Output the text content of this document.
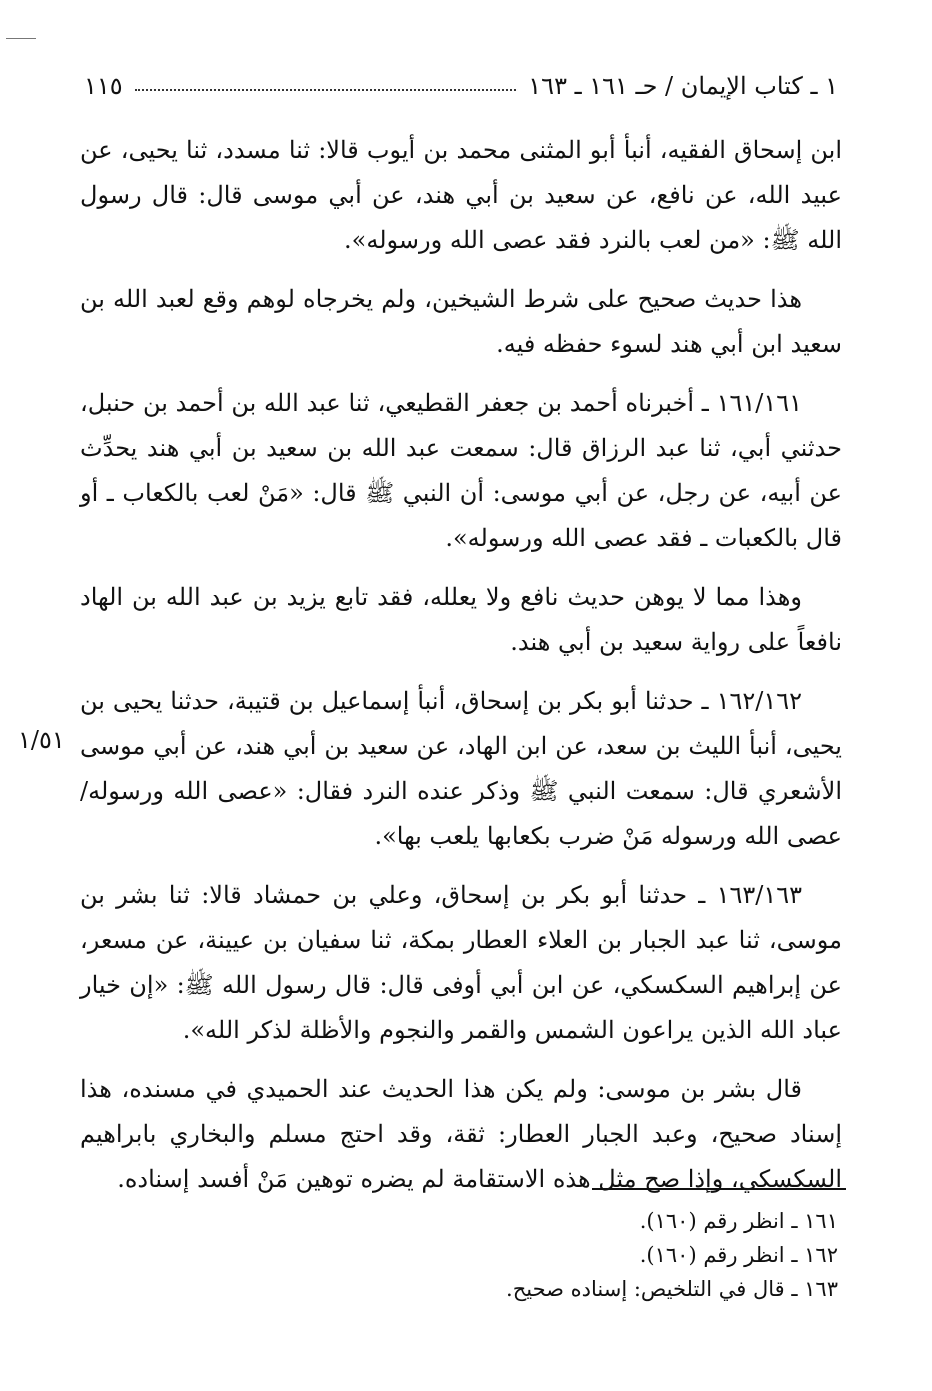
١ ـ كتاب الإيمان / حـ ١٦١ ـ ١٦٣
١١٥

ابن إسحاق الفقيه، أنبأ أبو المثنى محمد بن أيوب قالا: ثنا مسدد، ثنا يحيى، عن عبيد الله، عن نافع، عن سعيد بن أبي هند، عن أبي موسى قال: قال رسول الله ﷺ: «من لعب بالنرد فقد عصى الله ورسوله».

هذا حديث صحيح على شرط الشيخين، ولم يخرجاه لوهم وقع لعبد الله بن سعيد ابن أبي هند لسوء حفظه فيه.

١٦١/١٦١ ـ أخبرناه أحمد بن جعفر القطيعي، ثنا عبد الله بن أحمد بن حنبل، حدثني أبي، ثنا عبد الرزاق قال: سمعت عبد الله بن سعيد بن أبي هند يحدِّث عن أبيه، عن رجل، عن أبي موسى: أن النبي ﷺ قال: «مَنْ لعب بالكعاب ـ أو قال بالكعبات ـ فقد عصى الله ورسوله».

وهذا مما لا يوهن حديث نافع ولا يعلله، فقد تابع يزيد بن عبد الله بن الهاد نافعاً على رواية سعيد بن أبي هند.

١٦٢/١٦٢ ـ حدثنا أبو بكر بن إسحاق، أنبأ إسماعيل بن قتيبة، حدثنا يحيى بن يحيى، أنبأ الليث بن سعد، عن ابن الهاد، عن سعيد بن أبي هند، عن أبي موسى الأشعري قال: سمعت النبي ﷺ وذكر عنده النرد فقال: «عصى الله ورسوله/ عصى الله ورسوله مَنْ ضرب بكعابها يلعب بها».

١٦٣/١٦٣ ـ حدثنا أبو بكر بن إسحاق، وعلي بن حمشاد قالا: ثنا بشر بن موسى، ثنا عبد الجبار بن العلاء العطار بمكة، ثنا سفيان بن عيينة، عن مسعر، عن إبراهيم السكسكي، عن ابن أبي أوفى قال: قال رسول الله ﷺ: «إن خيار عباد الله الذين يراعون الشمس والقمر والنجوم والأظلة لذكر الله».

قال بشر بن موسى: ولم يكن هذا الحديث عند الحميدي في مسنده، هذا إسناد صحيح، وعبد الجبار العطار: ثقة، وقد احتج مسلم والبخاري بابراهيم السكسكي، وإذا صح مثل هذه الاستقامة لم يضره توهين مَنْ أفسد إسناده.

١/٥١
١٦١ ـ انظر رقم (١٦٠).
١٦٢ ـ انظر رقم (١٦٠).
١٦٣ ـ قال في التلخيص: إسناده صحيح.
